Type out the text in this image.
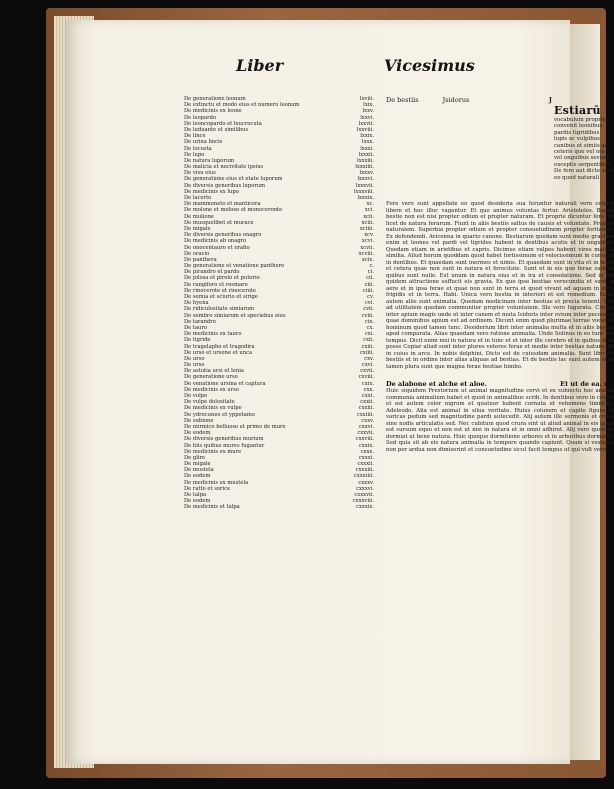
Liber	Vicesimus
De generatione leonum	lxviii.
De extinctu et modo eius et numero leonum	lxix.
De medicinis ex leone	lxxv.
De leopardo	lxxvi.
De leoncopardo et leucrocuta	lxxvii.
De luduante et similibus	lxxviii.
De lince	lxxix.
De urina lincis	lxxx.
De locusta	lxxxi.
De lupo	lxxxii.
De natura luporum	lxxxiii.
De malicia et nocivitate ipsius	lxxxiiii.
De visu eius	lxxxv.
De generatione eius et etate luporum	lxxxvi.
De diversis generibus luporum	lxxxvii.
De medicinis ex lupo	lxxxviii.
De lacerto	lxxxix.
De mammoneto et manticora	xc.
De molone et moloso et monoceronte	xci.
De mulione	xcii.
De musquelibet et murace	xciii.
De migale	xciiii.
De diversis generibus onagro	xcv.
De medicinis ab onagro	xcvi.
De onocentauro et orafio	xcvii.
De oracio	xcviii.
De panthera	xcix.
De generatione et venatione panthere	c.
De pirandro et pardo	ci.
De pilosa et pirolo et putorio	cii.
De rangifero et rosmaro	ciii.
De rinocerote et rinocerote	ciiii.
De semia et sciurio et sirige	cv.
De hyena	cvi.
De ridiculositate simiarum	cvii.
De sembro simiarum et speciebus eius	cviii.
De tarandro	cix.
De tauro	cx.
De medicinis ex tauro	cxi.
De tigride	cxii.
De tragelapho et tragodira	cxiii.
De urso et ursone et unca	cxiiii.
De urso	cxv.
De urso	cxvi.
De astutia ursi et lenia	cxvii.
De generatione urso	cxviii.
De venatione ursina et captura	cxix.
De medicinis ex urso	cxx.
De vulpe	cxxi.
De vulpe dolositate	cxxii.
De medicinis ex vulpe	cxxiii.
De ydrocuneo et yppotamo	cxxiiii.
De subione	cxxv.
De mirmico belluoso et primo de mure	cxxvi.
De eodem	cxxvii.
De diversis generibus murium	cxxviii.
De hiis quibus mures fugantur	cxxix.
De medicinis ex mure	cxxx.
De glire	cxxxi.
De migale	cxxxii.
De mustela	cxxxiii.
De eodem	cxxxiiii.
De medicinis ex mustela	cxxxv.
De ratto et sorice	cxxxvi.
De talpa	cxxxvii.
De eodem	cxxxviii.
De medicinis et talpa	cxxxix.
De bestiis	Jsidorus	J
Estiarū
vocabulum proprie convenit leonibus pardis tigridibus lupis ac vulpibus canibus et simiis ac ceteris que vel ore vel unguibus seviunt exceptis serpentibus. De fere aut dicte sunt eo quod naturali
Fere vero sunt appellate eo quod desideria sua feruntur naturali vero ceteris libere et huc illuc vagantur. Et quo animus voluntas fertur. Aristoteles. Bagna bestie non est nisi propter odium et propter naturam. Et proprie dicuntur fere. Et licet de natura ferarum. Fiunt in aliis bestiis saltus de causis et voluntate. Propter naturalem. Superbia propter odium et propter consuetudinem propter feritatem. Ex defendendi. Avicenna in quarto canone. Bestiarum quedam sunt medie gravium enim ut leones vel pardi vel tigrides habent in dentibus acutis et in unguibus. Quedam etiam in arietibus et capris. Dicimus etiam vulpes habent vires malicia similia. Aliud horum quoddam quod habet fortissimum et velocissimum in cursu et in dentibus. Et quaedam sunt inermes et nimis. Et quaedam sunt in vita et in terra et cetera quae non sunt in natura et ferocitate. Sunt et in eis que ferae sunt in quibus sunt nulle. Est unum in natura eius et in ira et consolatione. Sed in eis quidem attractione suffucit eis gravia. Ex quo ipse bestiae verecundia et sunt in aere et in ipsa ferae et quae non sunt in terra et quod vivunt ad aquam in locis frigidis et in terra. Habi. Unica vero bestia in interiori et est remedium. Datis autem aliis sunt animalia. Quedam medicinam inter bestias et precia tenent. Sed ad utilitatem quedam communiter propter voluntatem. Ille vero Iugurata. Civitas inter apium magis unde et inter canem et muta Isidoris inter ovium inter pecora et quae dominibus apium est ad ordinem. Dicunt enim quod plurimae terrae vocat et hominum quod tamen tunc. Desiderium libri inter animalia multa et in aliis bestiis apud comparata. Aliae quaedam vero ratione animalia. Unde Solinus in eo tunc est tempus. Dicit enim nisi in natura et in tunc et et inter ille cerebro et in quibus et in posse Copiar aliud sunt inter plures veteres ferae et medie inter bestias nature. Et in cuius in arce. In nobis delphini. Dicto est de cuiusdam animalia. Sunt libri de bestiis et in ordine inter alias aliquas ad bestias. Et de bestiis lac sunt autem et in tamen plura sunt que magna ferae bestiae bimbo.
xi.
De alabone et alche et aloe.	Et ut de ea. re.
Huic siquidem Prestorium ut animal magnitudine cervi et ex subiectu hoc animal communia animalium habet et quod in animalibus scrib. In dentibus vero in colore et est autem color nigrum et quatuor habent cornuta et vehemens timidum. Adeleodo. Alia est animal in silua veritate. Huius colunem et capite figura et varicas pedum sed magnitudine pardi autecedit. Alij autem ille sermonis et crura sine nodis articulatis sed. Nec cubitum quod crura sint ut aliud animal in eis quod est sursum equo et non est ut nisi in natura et in omni adhiret. Alij vero quod ne dormiat ut bene natura. Huic quoque dormitione arbores et in arboribus dormiunt. Sed quia sit ab eis natura animalia in tempore quando capiunt. Quam si vestigiis non per ardua non dimiserint et consuetudine sicut facit tempus ut qui vult vero.
